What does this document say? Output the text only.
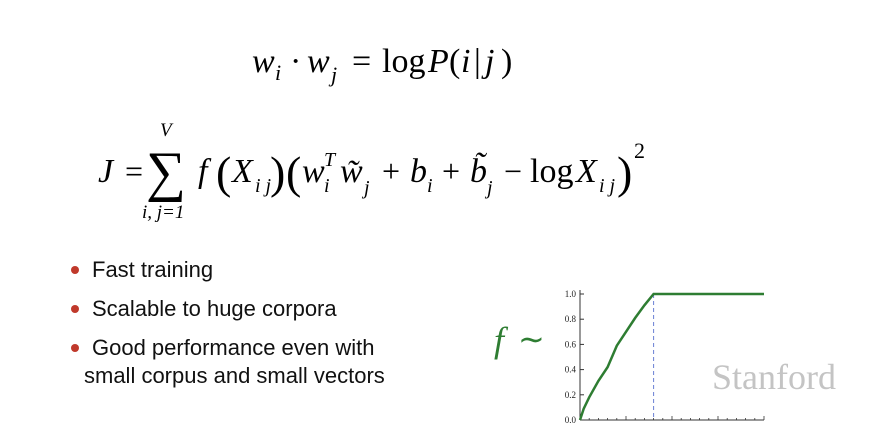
w i · w j = log P ( i | j )
J =
V
∑
i, j=1
f ( X i j
) ( w T
i w̃ j + b i + b̃ j − log X i j ) 2
Fast training
Scalable to huge corpora
Good performance even with
small corpus and small vectors
f ∼
0.0
0.2
0.4
0.6
0.8
1.0
Stanford
